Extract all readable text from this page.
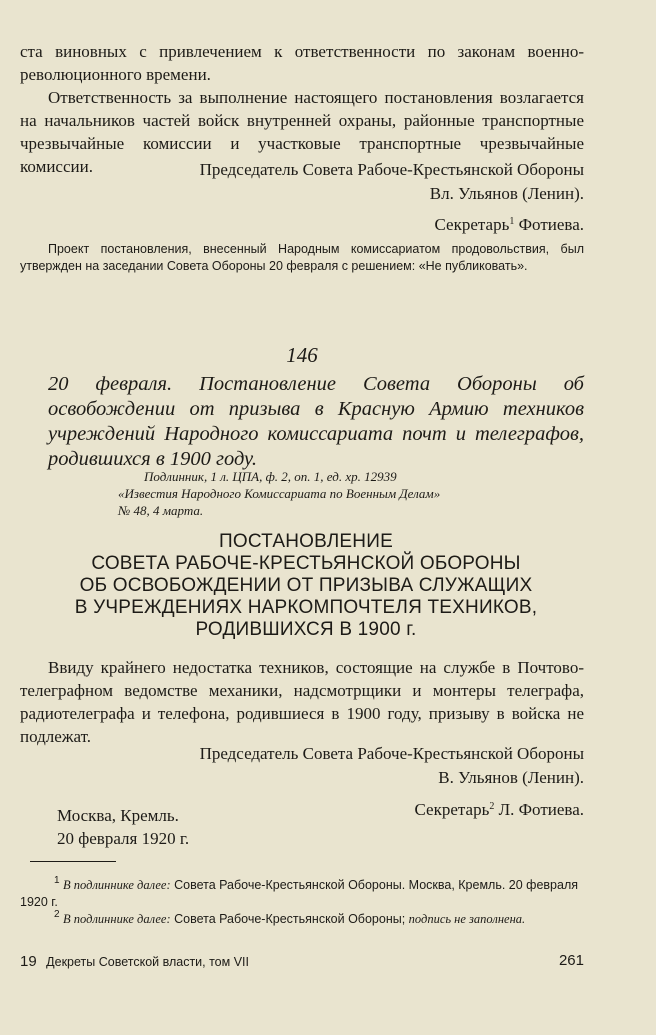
ста виновных с привлечением к ответственности по законам военно-революционного времени.

Ответственность за выполнение настоящего постановления возлагается на начальников частей войск внутренней охраны, районные транспортные чрезвычайные комиссии и участковые транспортные чрезвычайные комиссии.	Председатель Совета Рабоче-Крестьянской Обороны

Вл. Ульянов (Ленин).

Секретарь$^1$ Фотиева.

Проект постановления, внесенный Народным комиссариатом продовольствия, был утвержден на заседании Совета Обороны 20 февраля с решением: «Не публиковать».
146
20 февраля. Постановление Совета Обороны об освобождении от призыва в Красную Армию техников учреждений Народного комиссариата почт и телеграфов, родившихся в 1900 году.

Подлинник, 1 л. ЦПА, ф. 2, оп. 1, ед. хр. 12939

«Известия Народного Комиссариата по Военным Делам»

№ 48, 4 марта.

ПОСТАНОВЛЕНИЕ

СОВЕТА РАБОЧЕ-КРЕСТЬЯНСКОЙ ОБОРОНЫ

ОБ ОСВОБОЖДЕНИИ ОТ ПРИЗЫВА СЛУЖАЩИХ

В УЧРЕЖДЕНИЯХ НАРКОМПОЧТЕЛЯ ТЕХНИКОВ,

РОДИВШИХСЯ В 1900 г.

Ввиду крайнего недостатка техников, состоящие на службе в Почтово-телеграфном ведомстве механики, надсмотрщики и монтеры телеграфа, радиотелеграфа и телефона, родившиеся в 1900 году, призыву в войска не подлежат.

Председатель Совета Рабоче-Крестьянской Обороны

В. Ульянов (Ленин).

Секретарь$^2$ Л. Фотиева.

Москва, Кремль.

20 февраля 1920 г.

$^1$ В подлиннике далее: Совета Рабоче-Крестьянской Обороны. Москва, Кремль. 20 февраля 1920 г.

$^2$ В подлиннике далее: Совета Рабоче-Крестьянской Обороны; подпись не заполнена.

19 Декреты Советской власти, том VII	261
